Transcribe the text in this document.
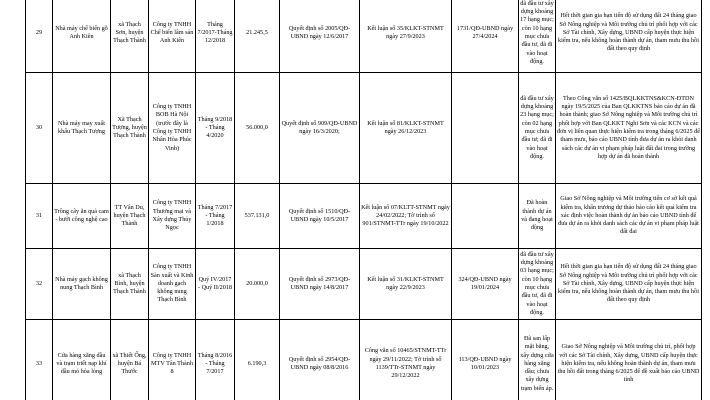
29	Nhà máy chế biến gỗ Anh Kiên	xã Thạch Sơn, huyện Thạch Thành	Công ty TNHH Chế biến lâm sản Anh Kiên	Tháng 7/2017-Tháng 12/2018	21.245,5	Quyết định số 2005/QĐ-UBND ngày 12/6/2017	Kết luận số 35/KLKT-STNMT ngày 27/9/2023	1731/QĐ-UBND ngày 27/4/2024	đã đầu tư xây dựng khoảng 17 hạng mục; còn 10 hạng mục chưa đầu tư, đã đi vào hoạt động.	Hết thời gian gia hạn tiến độ sử dụng đất 24 tháng giao Sở Nông nghiệp và Môi trường chủ trì phối hợp với các Sở Tài chính, Xây dựng, UBND cấp huyện thực hiện kiểm tra, nếu không hoàn thành dự án, tham mưu thu hồi đất theo quy định
30	Nhà máy may xuất khẩu Thạch Tượng	Xã Thạch Tượng, huyện Thạch Thành	Công ty TNHH BOB Hà Nội (trước đây là Công ty TNHH Nhân Hòa Phúc Vinh)	Tháng 9/2018 - Tháng 4/2020	56.000,0	Quyết định số 909/QĐ-UBND ngày 16/3/2020;	Kết luận số 81/KLKT-STNMT ngày 26/12/2023		đã đầu tư xây dựng khoảng 23 hạng mục; còn 02 hạng mục chưa đầu tư; đã đi vào hoạt động.	Theo Công văn số 1425/BQLKKTNS&KCN-ĐTDN ngày 19/5/2025 của Ban QLKKTNS báo cáo dự án đã hoàn thành; giao Sở Nông nghiệp và Môi trường chủ trì phối hợp với Ban QLKKT Nghi Sơn và các KCN và các đơn vị liên quan thực hiện kiểm tra trong tháng 6/2025 để tham mưu, báo cáo UBND tỉnh đưa dự án ra khỏi danh sách các dự án vi phạm pháp luật đất đai trong trường hợp dự án đã hoàn thành
31	Trồng cây ăn quả cam - bưởi công nghệ cao	TT Vân Du, huyện Thạch Thành	Công ty TNHH Thương mại và Xây dựng Thủy Ngọc	Tháng 7/2017 - Tháng 1/2018	537.131,0	Quyết định số 1510/QĐ-UBND ngày 10/5/2017	Kết luận số 07/KLTT-STNMT ngày 24/02/2022; Tờ trình số 901/STNMT-TTr ngày 19/10/2022		Đã hoàn thành dự án và đang hoạt động	Giao Sở Nông nghiệp và Môi trường tiến cơ sở kết quả kiểm tra, khẩn trương dự thảo báo cáo kết quả kiểm tra xác định việc hoàn thành dự án báo cáo UBND tỉnh để đưa dự án ra khỏi danh sách các dự án vi phạm pháp luật đất đai
32	Nhà máy gạch không nung Thạch Bình	xã Thạch Bình, huyện Thạch Thành	Công ty TNHH Sản xuất và Kinh doanh gạch không nung Thạch Bình	Quý IV/2017 - Quý II/2018	20.000,0	Quyết định số 2973/QĐ-UBND ngày 14/8/2017	Kết luận số 31/KLKT-STNMT ngày 22/9/2023	324/QĐ-UBND ngày 19/01/2024	đã đầu tư xây dựng khoảng 03 hạng mục; còn 10 hạng mục chưa đầu tư, đã đi vào hoạt động.	Hết thời gian gia hạn tiến độ sử dụng đất 24 tháng giao Sở Nông nghiệp và Môi trường chủ trì phối hợp với các Sở Tài chính, Xây dựng, UBND cấp huyện thực hiện kiểm tra, nếu không hoàn thành dự án, tham mưu thu hồi đất theo quy định
33	Cửa hàng xăng dầu và trạm triết nạp khí dầu mỏ hóa lỏng	xã Thiết Ống, huyện Bá Thước	Công ty TNHH MTV Tân Thành 8	Tháng 8/2016 - Tháng 7/2017	6.190,3	Quyết định số 2954/QĐ-UBND ngày 08/8/2016	Công văn số 10465/STNMT-TTr ngày 29/11/2022; Tờ trình số 1139/TTr-STNMT ngày 29/12/2022	113/QĐ-UBND ngày 10/01/2023	Đã san lấp mặt bằng, xây dựng cửa hàng xăng dầu; chưa xây dựng trạm biến áp.	Giao Sở Nông nghiệp và Môi trường chủ trì, phối hợp với các Sở Tài chính, Xây dựng, UBND cấp huyện thực hiện kiểm tra, nếu không hoàn thành dự án, tham mưu thu hồi đất trong tháng 6/2025 để đề xuất báo cáo UBND tỉnh
